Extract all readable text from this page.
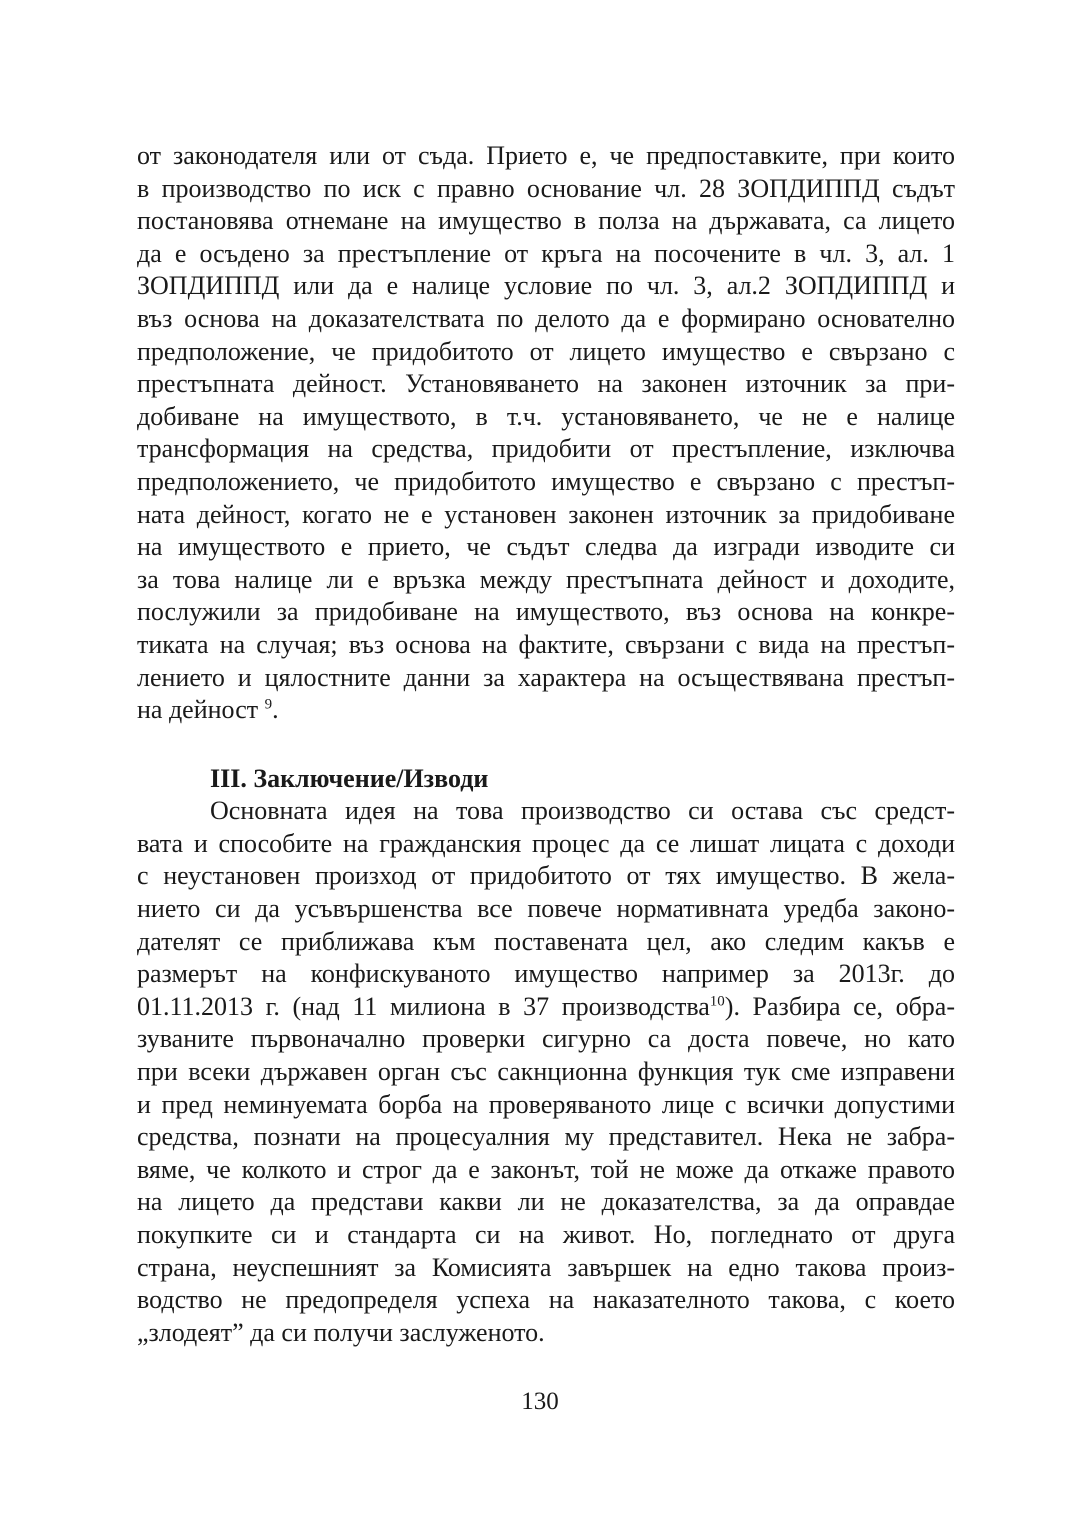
от законодателя или от съда. Прието е, че предпоставките, при които
в производство по иск с правно основание чл. 28 ЗОПДИППД съдът
постановява отнемане на имущество в полза на държавата, са лицето
да е осъдено за престъпление от кръга на посочените в чл. 3, ал. 1
ЗОПДИППД или да е налице условие по чл. 3, ал.2 ЗОПДИППД и
въз основа на доказателствата по делото да е формирано основателно
предположение, че придобитото от лицето имущество е свързано с
престъпната дейност. Установяването на законен източник за при-
добиване на имуществото, в т.ч. установяването, че не е налице
трансформация на средства, придобити от престъпление, изключва
предположението, че придобитото имущество е свързано с престъп-
ната дейност, когато не е установен законен източник за придобиване
на имуществото е прието, че съдът следва да изгради изводите си
за това налице ли е връзка между престъпната дейност и доходите,
послужили за придобиване на имуществото, въз основа на конкре-
тиката на случая; въз основа на фактите, свързани с вида на престъп-
лението и цялостните данни за характера на осъществявана престъп-
на дейност $^9$.
III. Заключение/Изводи
Основната идея на това производство си остава със средст-
вата и способите на гражданския процес да се лишат лицата с доходи
с неустановен произход от придобитото от тях имущество. В жела-
нието си да усъвършенства все повече нормативната уредба законо-
дателят се приближава към поставената цел, ако следим какъв е
размерът на конфискуваното имущество например за 2013г. до
01.11.2013 г. (над 11 милиона в 37 производства$^{10}$). Разбира се, обра-
зуваните първоначално проверки сигурно са доста повече, но като
при всеки държавен орган със сакнционна функция тук сме изправени
и пред неминуемата борба на проверяваното лице с всички допустими
средства, познати на процесуалния му представител. Нека не забра-
вяме, че колкото и строг да е законът, той не може да откаже правото
на лицето да представи какви ли не доказателства, за да оправдае
покупките си и стандарта си на живот. Но, погледнато от друга
страна, неуспешният за Комисията завършек на едно такова произ-
водство не предопределя успеха на наказателното такова, с което
„злодеят” да си получи заслуженото.
130
